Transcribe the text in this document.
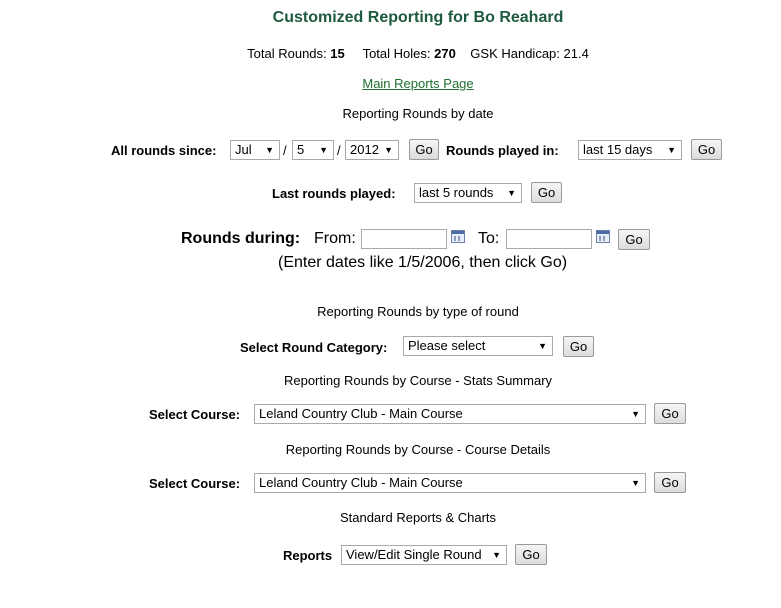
Customized Reporting for Bo Reahard
Total Rounds: 15 Total Holes: 270 GSK Handicap: 21.4
Main Reports Page
Reporting Rounds by date
All rounds since:	Jul ▼ / 5 ▼ / 2012 ▼	Go	Rounds played in:	last 15 days ▼	Go
Last rounds played:	last 5 rounds ▼	Go
Rounds during: From:	To:	Go
(Enter dates like 1/5/2006, then click Go)
Reporting Rounds by type of round
Select Round Category:	Please select	▼	Go
Reporting Rounds by Course - Stats Summary
Select Course:	Leland Country Club - Main Course	▼	Go
Reporting Rounds by Course - Course Details
Select Course:	Leland Country Club - Main Course	▼	Go
Standard Reports & Charts
Reports	View/Edit Single Round ▼	Go
